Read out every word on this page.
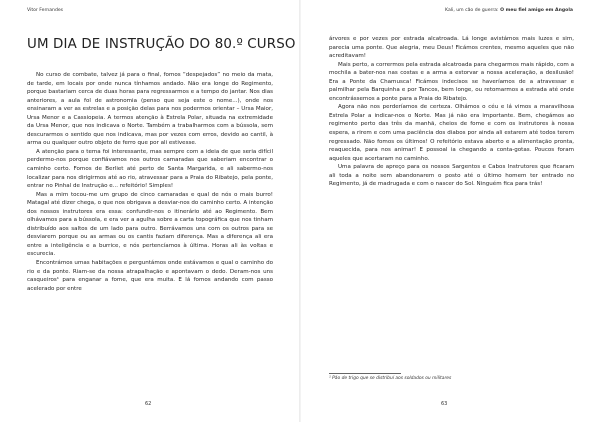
Vitor Fernandes
UM DIA DE INSTRUÇÃO DO 80.º CURSO

No curso de combate, talvez já para o final, fomos “despejados” no meio da mata, de tarde, em locais por onde nunca tínhamos andado. Não era longe do Regimento, porque bastariam cerca de duas horas para regressarmos e a tempo do jantar. Nos dias anteriores, a aula fol de astronomia (penso que seja este o nome...), onde nos ensinaram a ver as estrelas e a posição delas para nos podermos orientar – Ursa Maior, Ursa Menor e a Cassiopeia. A termos atenção à Estrela Polar, situada na extremidade da Ursa Menor, que nos indicava o Norte. Também a trabalharmos com a bússola, sem descurarmos o sentido que nos indicava, mas por vezes com erros, devido ao cantil, à arma ou qualquer outro objeto de ferro que por ali estivesse.

A atenção para o tema foi interessante, mas sempre com a ideia de que seria difícil perdermo-nos porque confiávamos nos outros camaradas que saberiam encontrar o caminho certo. Fomos de Berliet até perto de Santa Margarida, e ali sabermo-nos localizar para nos dirigirmos até ao rio, atravessar para a Praia do Ribatejo, pela ponte, entrar no Pinhal de Instrução e... refeitório! Simples!

Mas a mim tocou-me um grupo de cinco camaradas e qual de nós o mais burro! Matagal até dizer chega, o que nos obrigava a desviar-nos do caminho certo. A intenção dos nossos instrutores era essa: confundir-nos o itinerário até ao Regimento. Bem olhávamos para a bússola, e era ver a agulha sobre a carta topográfica que nos tinham distribuído aos saltos de um lado para outro. Berrávamos uns com os outros para se desviarem porque ou as armas ou os cantis faziam diferença. Mas a diferença ali era entre a inteligência e a burrice, e nós pertencíamos à última. Horas ali às voltas e escurecia.

Encontrámos umas habitações e perguntámos onde estávamos e qual o caminho do rio e da ponte. Riam-se da nossa atrapalhação e apontavam o dedo. Deram-nos uns casqueiros¹ para enganar a fome, que era muita. E lá fomos andando com passo acelerado por entre

62
Kali, um cão de guerra: O meu fiel amigo em Angola

árvores e por vezes por estrada alcatroada. Lá longe avistámos mais luzes e sim, parecia uma ponte. Que alegria, meu Deus! Ficámos crentes, mesmo aqueles que não acreditavam!

Mais perto, a corrermos pela estrada alcatroada para chegarmos mais rápido, com a mochila a bater-nos nas costas e a arma a estorvar a nossa aceleração, a desilusão! Era a Ponte da Chamusca! Ficámos indecisos se haveríamos de a atravessar e palmilhar pela Barquinha e por Tancos, bem longe, ou retomarmos a estrada até onde encontrássemos a ponte para a Praia do Ribatejo.

Agora não nos perderíamos de certeza. Olhámos o céu e lá vimos a maravilhosa Estrela Polar a indicar-nos o Norte. Mas já não era importante. Bem, chegámos ao regimento perto das três da manhã, cheios de fome e com os instrutores à nossa espera, a rirem e com uma paciência dos diabos por ainda ali estarem até todos terem regressado. Não fomos os últimos! O refeitório estava aberto e a alimentação pronta, reaquecida, para nos animar! E possoal ia chegando a conta-gotas. Poucos foram aqueles que acertaram no caminho.

Uma palavra de apreço para os nossos Sargentos e Cabos Instrutores que ficaram ali toda a noite sem abandonarem o posto até o último homem ter entrado no Regimento, já de madrugada e com o nascer do Sol. Ninguém fica para trás!

¹ Pão de trigo que se distribuí aos soldados ou militares

63
